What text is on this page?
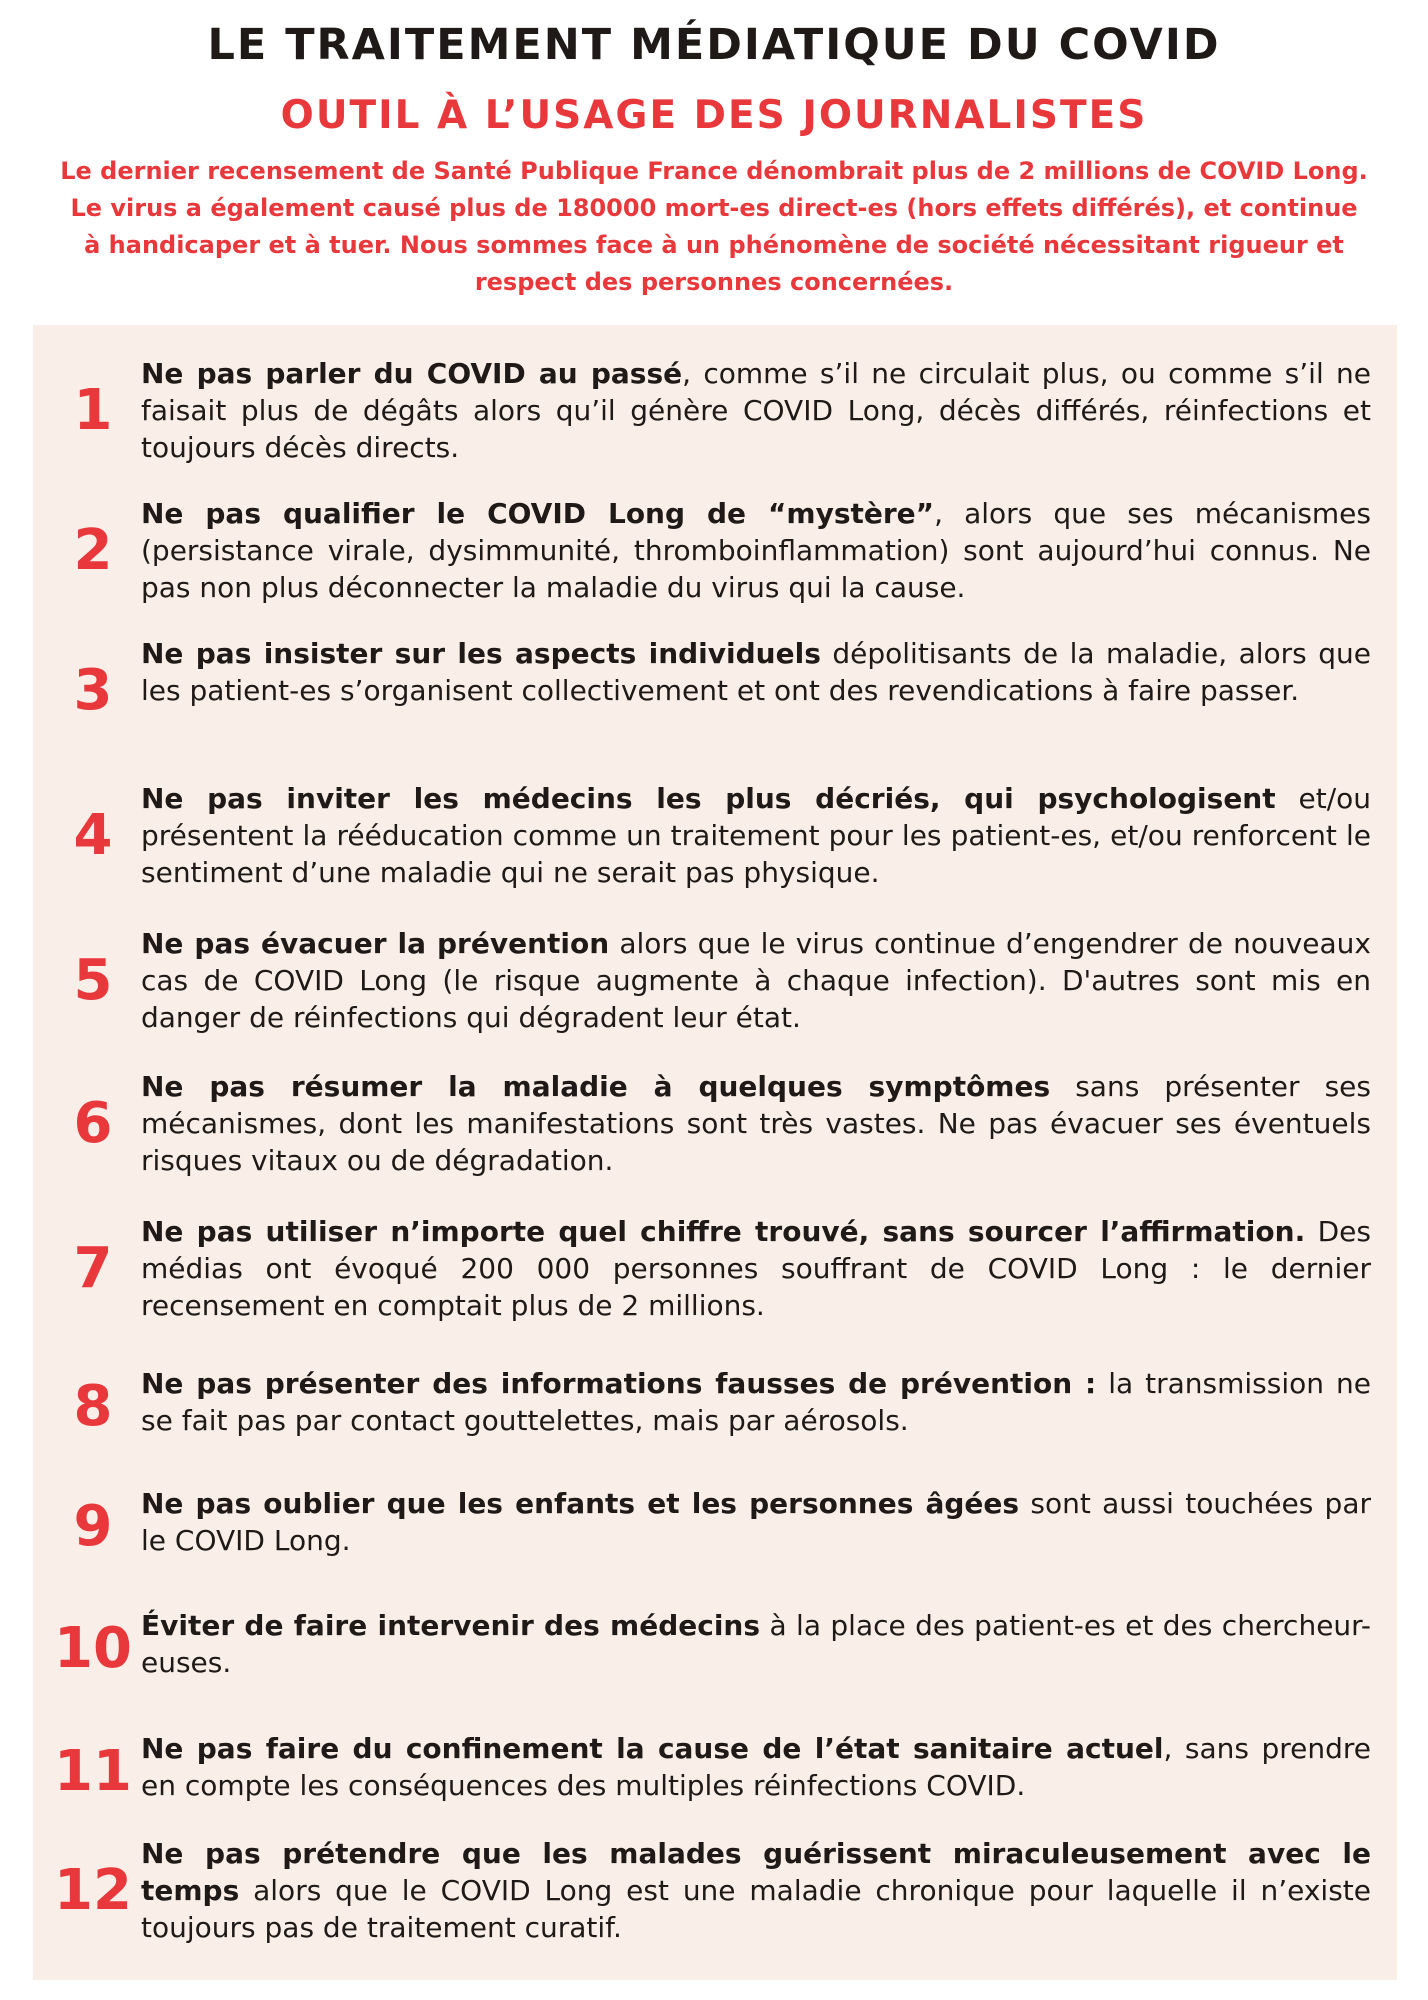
LE TRAITEMENT MÉDIATIQUE DU COVID
OUTIL À L’USAGE DES JOURNALISTES
Le dernier recensement de Santé Publique France dénombrait plus de 2 millions de COVID Long. Le virus a également causé plus de 180000 mort-es direct-es (hors effets différés), et continue à handicaper et à tuer. Nous sommes face à un phénomène de société nécessitant rigueur et respect des personnes concernées.
1
Ne pas parler du COVID au passé, comme s’il ne circulait plus, ou comme s’il ne faisait plus de dégâts alors qu’il génère COVID Long, décès différés, réinfections et toujours décès directs.
2
Ne pas qualifier le COVID Long de “mystère”, alors que ses mécanismes (persistance virale, dysimmunité, thromboinflammation) sont aujourd’hui connus. Ne pas non plus déconnecter la maladie du virus qui la cause.
3
Ne pas insister sur les aspects individuels dépolitisants de la maladie, alors que les patient-es s’organisent collectivement et ont des revendications à faire passer.
4
Ne pas inviter les médecins les plus décriés, qui psychologisent et/ou présentent la rééducation comme un traitement pour les patient-es, et/ou renforcent le sentiment d’une maladie qui ne serait pas physique.
5
Ne pas évacuer la prévention alors que le virus continue d’engendrer de nouveaux cas de COVID Long (le risque augmente à chaque infection). D'autres sont mis en danger de réinfections qui dégradent leur état.
6
Ne pas résumer la maladie à quelques symptômes sans présenter ses mécanismes, dont les manifestations sont très vastes. Ne pas évacuer ses éventuels risques vitaux ou de dégradation.
7
Ne pas utiliser n’importe quel chiffre trouvé, sans sourcer l’affirmation. Des médias ont évoqué 200 000 personnes souffrant de COVID Long : le dernier recensement en comptait plus de 2 millions.
8	Ne pas présenter des informations fausses de prévention : la transmission ne se fait pas par contact gouttelettes, mais par aérosols.
9	Ne pas oublier que les enfants et les personnes âgées sont aussi touchées par le COVID Long.
10 Éviter de faire intervenir des médecins à la place des patient-es et des chercheur-euses.
11 Ne pas faire du confinement la cause de l’état sanitaire actuel, sans prendre en compte les conséquences des multiples réinfections COVID.
12
Ne pas prétendre que les malades guérissent miraculeusement avec le temps alors que le COVID Long est une maladie chronique pour laquelle il n’existe toujours pas de traitement curatif.
